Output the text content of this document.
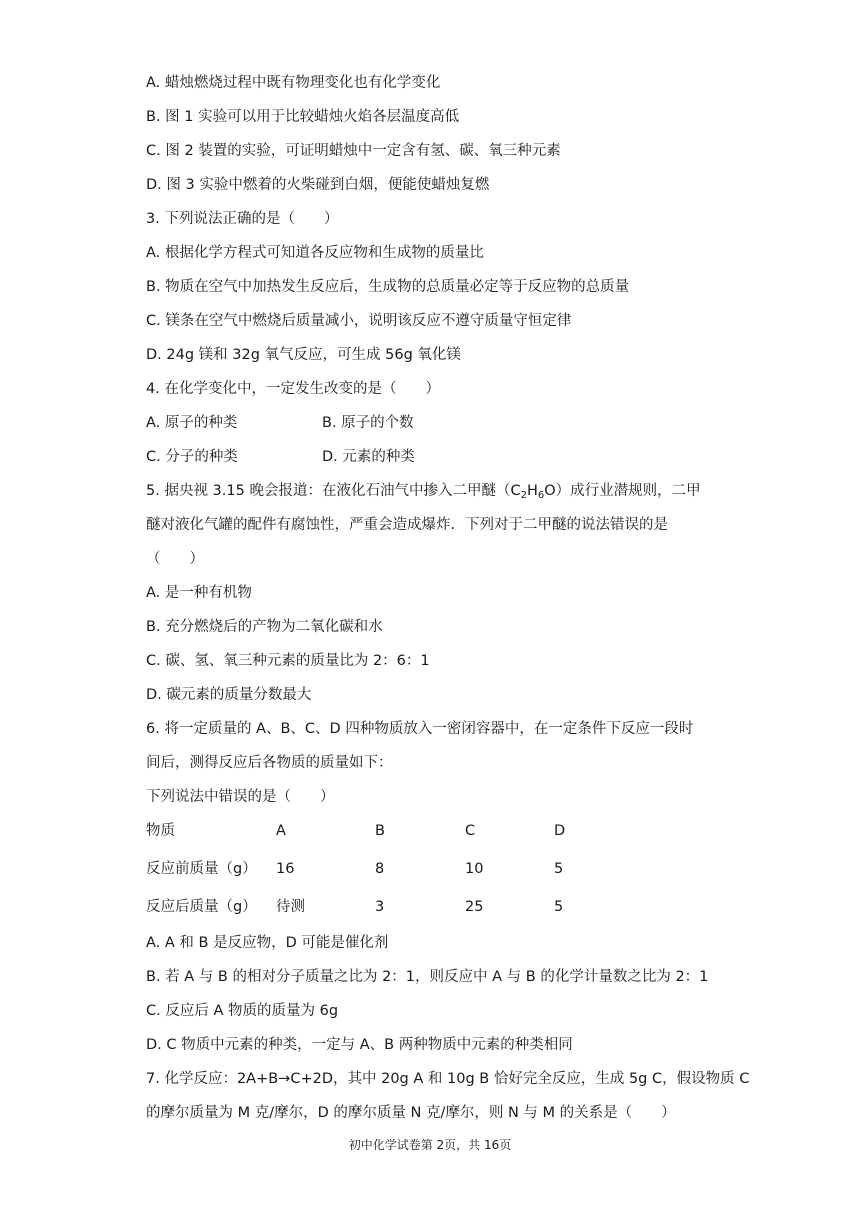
A. 蜡烛燃烧过程中既有物理变化也有化学变化
B. 图 1 实验可以用于比较蜡烛火焰各层温度高低
C. 图 2 装置的实验，可证明蜡烛中一定含有氢、碳、氧三种元素
D. 图 3 实验中燃着的火柴碰到白烟，便能使蜡烛复燃
3. 下列说法正确的是（　　）
A. 根据化学方程式可知道各反应物和生成物的质量比
B. 物质在空气中加热发生反应后，生成物的总质量必定等于反应物的总质量
C. 镁条在空气中燃烧后质量减小，说明该反应不遵守质量守恒定律
D. 24g 镁和 32g 氧气反应，可生成 56g 氧化镁
4. 在化学变化中，一定发生改变的是（　　）
A. 原子的种类	B. 原子的个数
C. 分子的种类	D. 元素的种类
5. 据央视 3.15 晚会报道：在液化石油气中掺入二甲醚$(C_2H_6O)$成行业潜规则，二甲
醚对液化气罐的配件有腐蚀性，严重会造成爆炸．下列对于二甲醚的说法错误的是
（　　）
A. 是一种有机物
B. 充分燃烧后的产物为二氧化碳和水
C. 碳、氢、氧三种元素的质量比为 2：6：1
D. 碳元素的质量分数最大
6. 将一定质量的 A、B、C、D 四种物质放入一密闭容器中，在一定条件下反应一段时
间后，测得反应后各物质的质量如下：
下列说法中错误的是（　　）
物质	A	B	C	D
反应前质量（g） 16	8	10	5
反应后质量（g） 待测	3	25	5
A. A 和 B 是反应物，D 可能是催化剂
B. 若 A 与 B 的相对分子质量之比为 2：1，则反应中 A 与 B 的化学计量数之比为 2：1
C. 反应后 A 物质的质量为 6g
D. C 物质中元素的种类，一定与 A、B 两种物质中元素的种类相同
7. 化学反应：2A+B→C+2D，其中 20g A 和 10g B 恰好完全反应，生成 5g C，假设物质 C
的摩尔质量为 M 克/摩尔，D 的摩尔质量 N 克/摩尔，则 N 与 M 的关系是（　　）
初中化学试卷第 2页，共 16页
